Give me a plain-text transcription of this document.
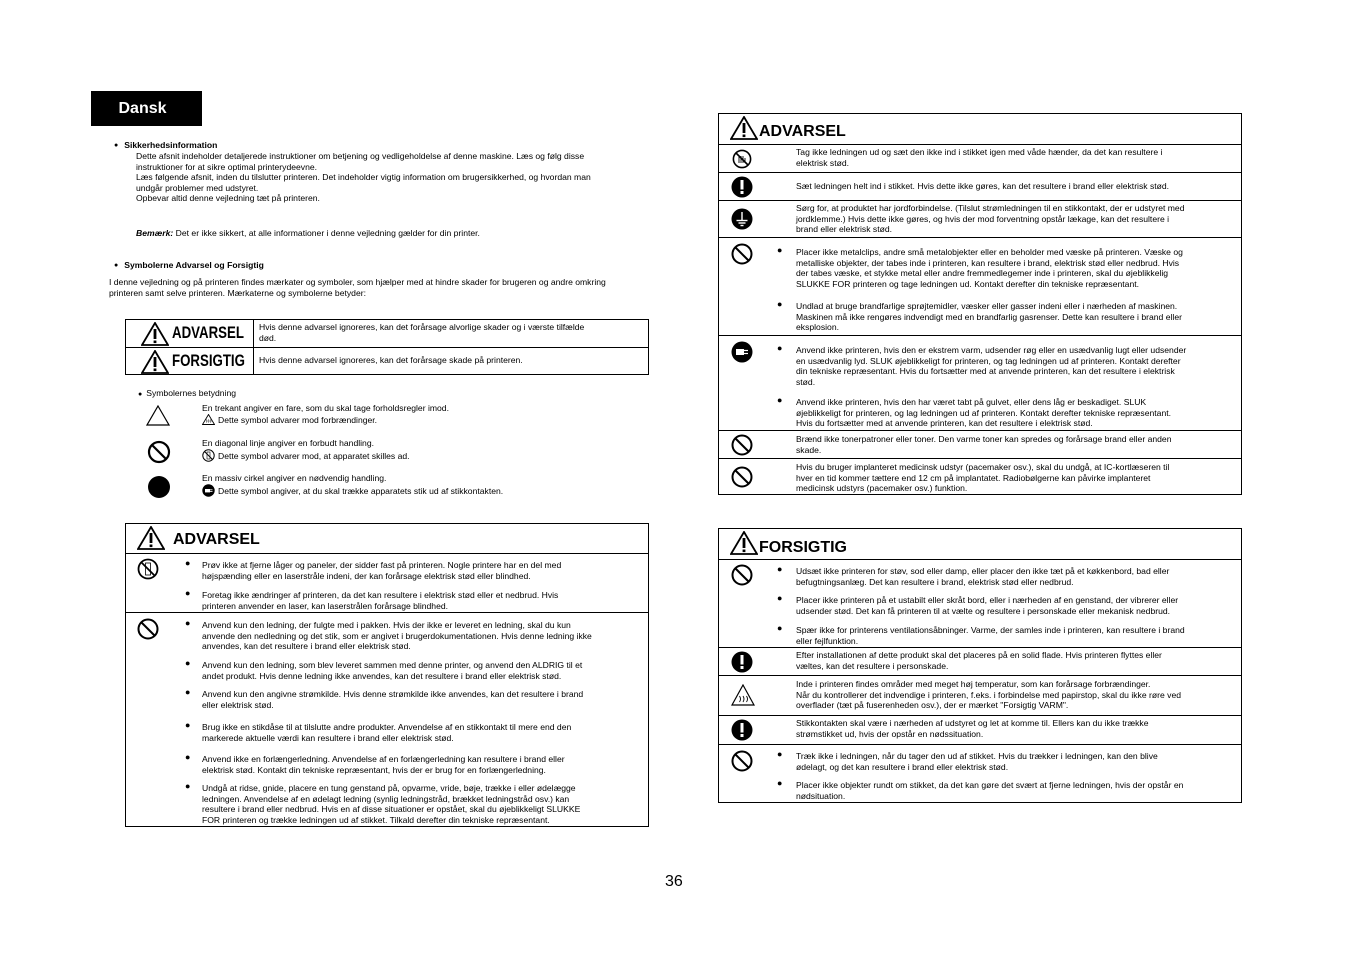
Dansk
● Sikkerhedsinformation

Dette afsnit indeholder detaljerede instruktioner om betjening og vedligeholdelse af denne maskine. Læs og følg disse

instruktioner for at sikre optimal printerydeevne.

Læs følgende afsnit, inden du tilslutter printeren. Det indeholder vigtig information om brugersikkerhed, og hvordan man

undgår problemer med udstyret.

Opbevar altid denne vejledning tæt på printeren.

Bemærk: Det er ikke sikkert, at alle informationer i denne vejledning gælder for din printer.
● Symbolerne Advarsel og Forsigtig

I denne vejledning og på printeren findes mærkater og symboler, som hjælper med at hindre skader for brugeren og andre omkring

printeren samt selve printeren. Mærkaterne og symbolerne betyder:

ADVARSEL Hvis denne advarsel ignoreres, kan det forårsage alvorlige skader og i værste tilfælde

død.

FORSIGTIG Hvis denne advarsel ignoreres, kan det forårsage skade på printeren.
● Symbolernes betydning

En trekant angiver en fare, som du skal tage forholdsregler imod.

Dette symbol advarer mod forbrændinger.

En diagonal linje angiver en forbudt handling.

Dette symbol advarer mod, at apparatet skilles ad.

En massiv cirkel angiver en nødvendig handling.

Dette symbol angiver, at du skal trække apparatets stik ud af stikkontakten.

ADVARSEL
● Prøv ikke at fjerne låger og paneler, der sidder fast på printeren. Nogle printere har en del med

højspænding eller en laserstråle indeni, der kan forårsage elektrisk stød eller blindhed.

● Foretag ikke ændringer af printeren, da det kan resultere i elektrisk stød eller et nedbrud. Hvis

printeren anvender en laser, kan laserstrålen forårsage blindhed.

● Anvend kun den ledning, der fulgte med i pakken. Hvis der ikke er leveret en ledning, skal du kun

anvende den nedledning og det stik, som er angivet i brugerdokumentationen. Hvis denne ledning ikke

anvendes, kan det resultere i brand eller elektrisk stød.

● Anvend kun den ledning, som blev leveret sammen med denne printer, og anvend den ALDRIG til et

andet produkt. Hvis denne ledning ikke anvendes, kan det resultere i brand eller elektrisk stød.

● Anvend kun den angivne strømkilde. Hvis denne strømkilde ikke anvendes, kan det resultere i brand

eller elektrisk stød.

● Brug ikke en stikdåse til at tilslutte andre produkter. Anvendelse af en stikkontakt til mere end den

markerede aktuelle værdi kan resultere i brand eller elektrisk stød.

● Anvend ikke en forlængerledning. Anvendelse af en forlængerledning kan resultere i brand eller

elektrisk stød. Kontakt din tekniske repræsentant, hvis der er brug for en forlængerledning.

● Undgå at ridse, gnide, placere en tung genstand på, opvarme, vride, bøje, trække i eller ødelægge

ledningen. Anvendelse af en ødelagt ledning (synlig ledningstråd, brækket ledningstråd osv.) kan

resultere i brand eller nedbrud. Hvis en af disse situationer er opstået, skal du øjeblikkeligt SLUKKE

FOR printeren og trække ledningen ud af stikket. Tilkald derefter din tekniske repræsentant.

ADVARSEL

Tag ikke ledningen ud og sæt den ikke ind i stikket igen med våde hænder, da det kan resultere i

elektrisk stød.

Sæt ledningen helt ind i stikket. Hvis dette ikke gøres, kan det resultere i brand eller elektrisk stød.

Sørg for, at produktet har jordforbindelse. (Tilslut strømledningen til en stikkontakt, der er udstyret med

jordklemme.) Hvis dette ikke gøres, og hvis der mod forventning opstår lækage, kan det resultere i

brand eller elektrisk stød.

● Placer ikke metalclips, andre små metalobjekter eller en beholder med væske på printeren. Væske og

metalliske objekter, der tabes inde i printeren, kan resultere i brand, elektrisk stød eller nedbrud. Hvis

der tabes væske, et stykke metal eller andre fremmedlegemer inde i printeren, skal du øjeblikkelig

SLUKKE FOR printeren og tage ledningen ud. Kontakt derefter din tekniske repræsentant.

● Undlad at bruge brandfarlige sprøjtemidler, væsker eller gasser indeni eller i nærheden af maskinen.

Maskinen må ikke rengøres indvendigt med en brandfarlig gasrenser. Dette kan resultere i brand eller

eksplosion.

● Anvend ikke printeren, hvis den er ekstrem varm, udsender røg eller en usædvanlig lugt eller udsender

en usædvanlig lyd. SLUK øjeblikkeligt for printeren, og tag ledningen ud af printeren. Kontakt derefter

din tekniske repræsentant. Hvis du fortsætter med at anvende printeren, kan det resultere i elektrisk

stød.

● Anvend ikke printeren, hvis den har været tabt på gulvet, eller dens låg er beskadiget. SLUK

øjeblikkeligt for printeren, og lag ledningen ud af printeren. Kontakt derefter tekniske repræsentant.

Hvis du fortsætter med at anvende printeren, kan det resultere i elektrisk stød.

Brænd ikke tonerpatroner eller toner. Den varme toner kan spredes og forårsage brand eller anden

skade.

Hvis du bruger implanteret medicinsk udstyr (pacemaker osv.), skal du undgå, at IC-kortlæseren til

hver en tid kommer tættere end 12 cm på implantatet. Radiobølgerne kan påvirke implanteret

medicinsk udstyrs (pacemaker osv.) funktion.

FORSIGTIG
● Udsæt ikke printeren for støv, sod eller damp, eller placer den ikke tæt på et køkkenbord, bad eller

befugtningsanlæg. Det kan resultere i brand, elektrisk stød eller nedbrud.

● Placer ikke printeren på et ustabilt eller skråt bord, eller i nærheden af en genstand, der vibrerer eller

udsender stød. Det kan få printeren til at vælte og resultere i personskade eller mekanisk nedbrud.

● Spær ikke for printerens ventilationsåbninger. Varme, der samles inde i printeren, kan resultere i brand

eller fejlfunktion.

Efter installationen af dette produkt skal det placeres på en solid flade. Hvis printeren flyttes eller

væltes, kan det resultere i personskade.

Inde i printeren findes områder med meget høj temperatur, som kan forårsage forbrændinger.

Når du kontrollerer det indvendige i printeren, f.eks. i forbindelse med papirstop, skal du ikke røre ved

overflader (tæt på fuserenheden osv.), der er mærket "Forsigtig VARM".

Stikkontakten skal være i nærheden af udstyret og let at komme til. Ellers kan du ikke trække

strømstikket ud, hvis der opstår en nødssituation.

● Træk ikke i ledningen, når du tager den ud af stikket. Hvis du trækker i ledningen, kan den blive

ødelagt, og det kan resultere i brand eller elektrisk stød.

● Placer ikke objekter rundt om stikket, da det kan gøre det svært at fjerne ledningen, hvis der opstår en

nødsituation.

36
